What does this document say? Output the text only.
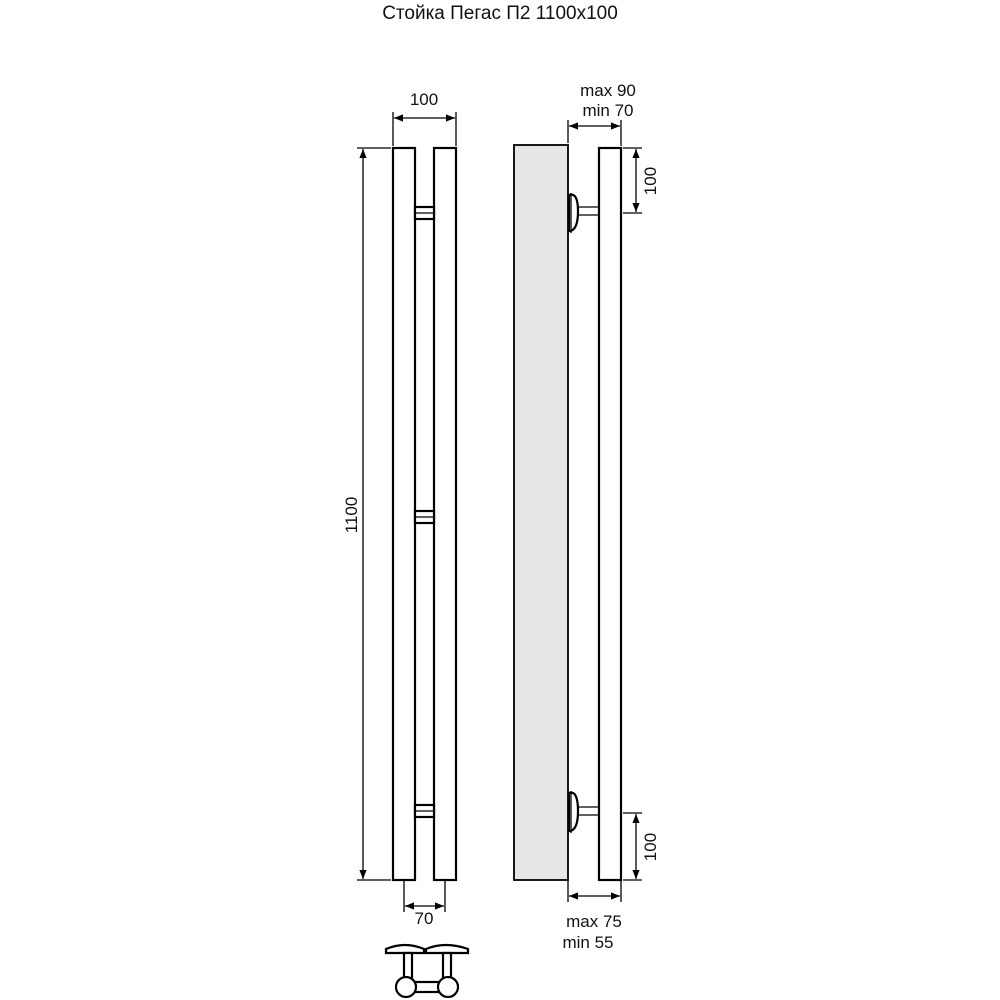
Стойка Пегас П2 1100х100
100
1100
70
max 90
min 70
100
100
max 75
min 55
